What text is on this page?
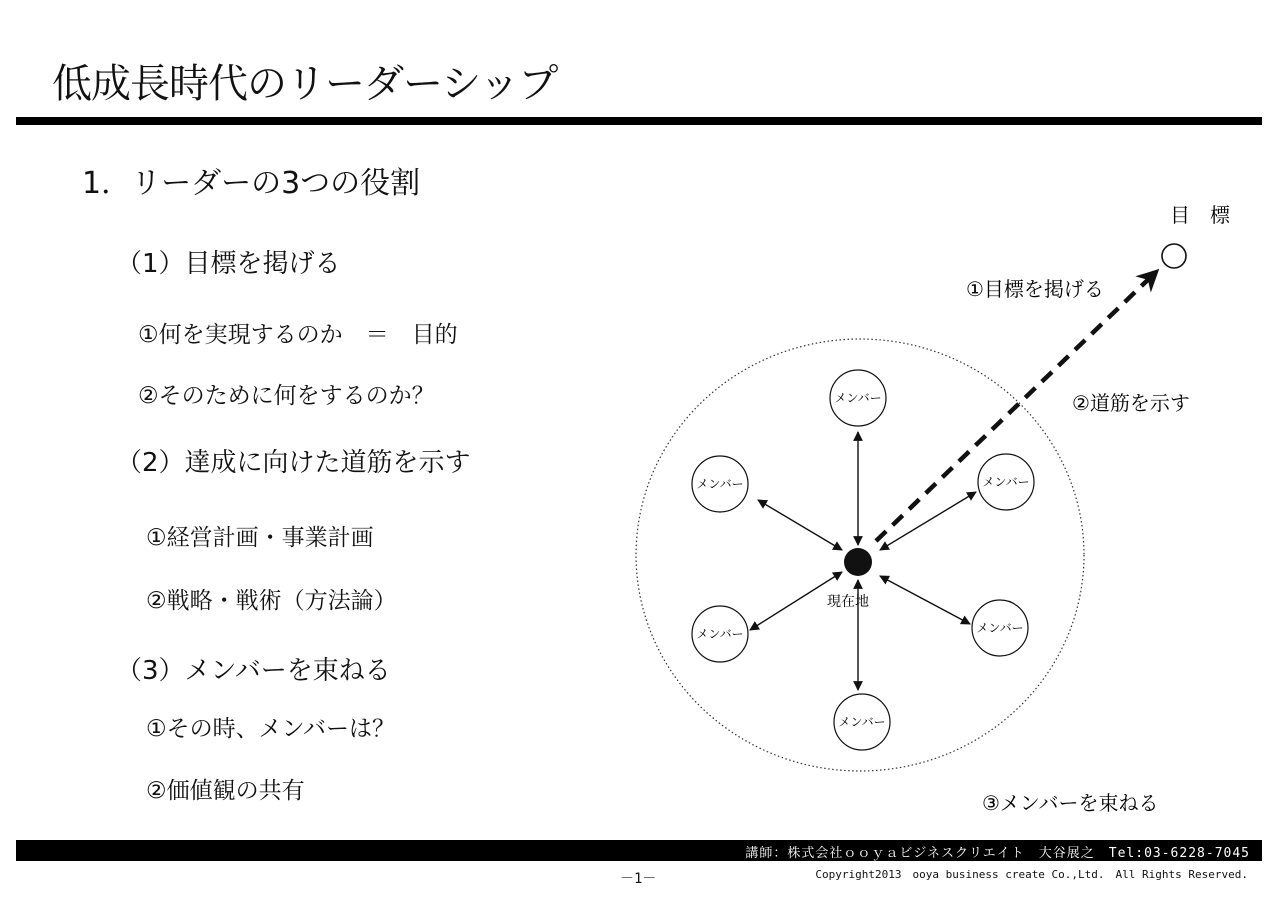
低成長時代のリーダーシップ
1．リーダーの3つの役割
（1）目標を掲げる
①何を実現するのか　＝　目的
②そのために何をするのか？
（2）達成に向けた道筋を示す
①経営計画・事業計画
②戦略・戦術（方法論）
（3）メンバーを束ねる
①その時、メンバーは？
②価値観の共有
メンバー
メンバー	メンバー
メンバー	メンバー
メンバー
現在地
目　標
①目標を掲げる
②道筋を示す
③メンバーを束ねる
講師：株式会社ｏｏｙａビジネスクリエイト　大谷展之　Tel:03-6228-7045
－1－	Copyright2013　ooya business create Co.,Ltd.　All Rights Reserved.
